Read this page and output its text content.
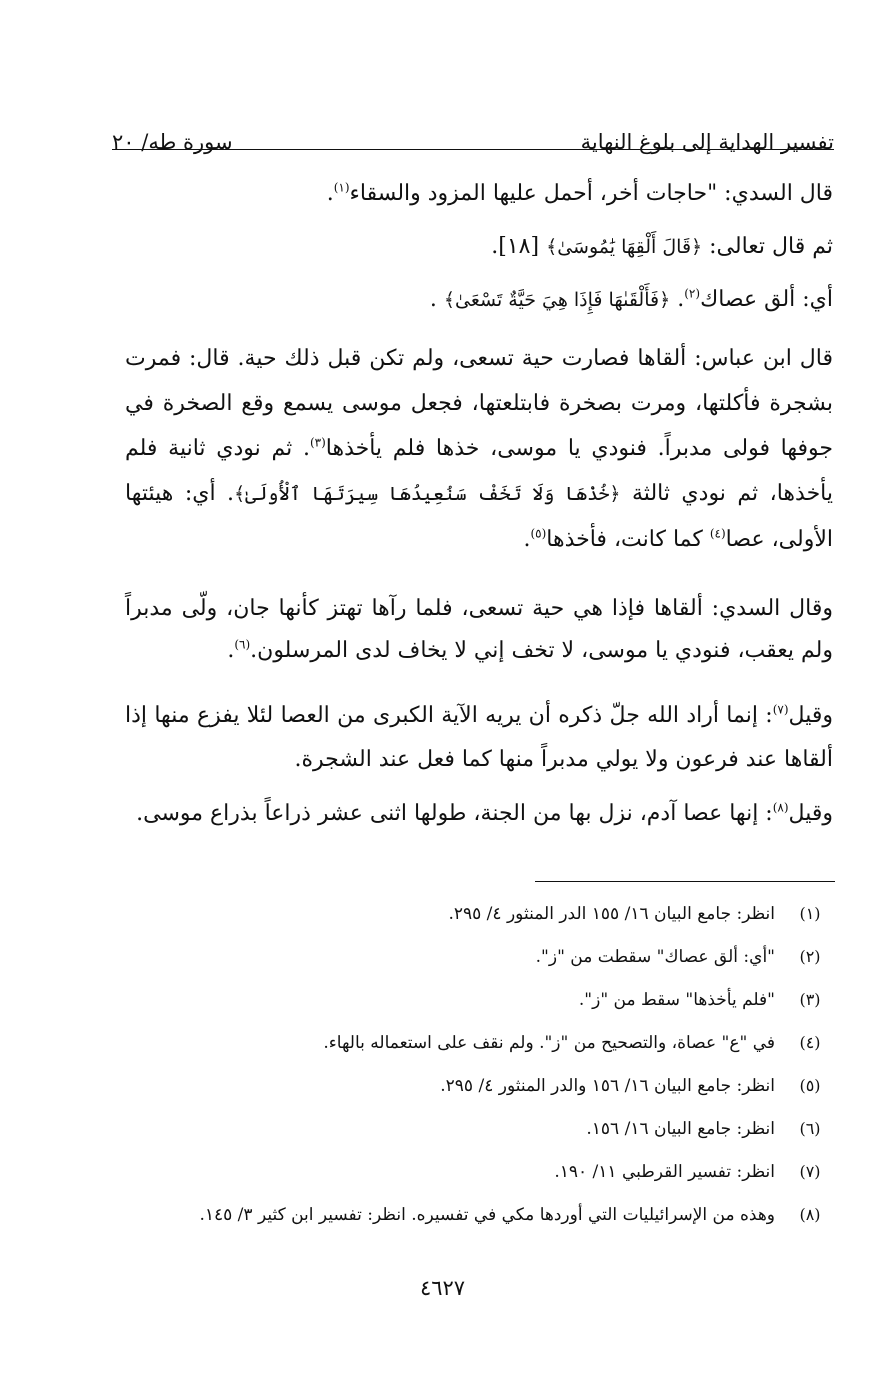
تفسير الهداية إلى بلوغ النهاية
سورة طه/ ٢٠

قال السدي: "حاجات أخر، أحمل عليها المزود والسقاء$^{(١)}$.

ثم قال تعالى: ﴿قَالَ أَلْقِهَا يَٰمُوسَىٰ﴾ [١٨].

أي: ألق عصاك$^{(٢)}$. ﴿فَأَلْقَىٰهَا فَإِذَا هِيَ حَيَّةٌ تَسْعَىٰ﴾ .

قال ابن عباس: ألقاها فصارت حية تسعى، ولم تكن قبل ذلك حية. قال: فمرت بشجرة فأكلتها، ومرت بصخرة فابتلعتها، فجعل موسى يسمع وقع الصخرة في جوفها فولى مدبراً. فنودي يا موسى، خذها فلم يأخذها$^{(٣)}$. ثم نودي ثانية فلم يأخذها، ثم نودي ثالثة ﴿خُذْهَا وَلَا تَخَفْ سَنُعِيدُهَا سِيرَتَهَا ٱلْأُولَىٰ﴾. أي: هيئتها الأولى، عصا$^{(٤)}$ كما كانت، فأخذها$^{(٥)}$.

وقال السدي: ألقاها فإذا هي حية تسعى، فلما رآها تهتز كأنها جان، ولّى مدبراً ولم يعقب، فنودي يا موسى، لا تخف إني لا يخاف لدى المرسلون.$^{(٦)}$.

وقيل$^{(٧)}$: إنما أراد الله جلّ ذكره أن يريه الآية الكبرى من العصا لئلا يفزع منها إذا ألقاها عند فرعون ولا يولي مدبراً منها كما فعل عند الشجرة.

وقيل$^{(٨)}$: إنها عصا آدم، نزل بها من الجنة، طولها اثنى عشر ذراعاً بذراع موسى.

(١)
انظر: جامع البيان ١٦/ ١٥٥ الدر المنثور ٤/ ٢٩٥.
(٢)
"أي: ألق عصاك" سقطت من "ز".
(٣)
"فلم يأخذها" سقط من "ز".
(٤)
في "ع" عصاة، والتصحيح من "ز". ولم نقف على استعماله بالهاء.
(٥)
انظر: جامع البيان ١٦/ ١٥٦ والدر المنثور ٤/ ٢٩٥.
(٦)
انظر: جامع البيان ١٦/ ١٥٦.
(٧)
انظر: تفسير القرطبي ١١/ ١٩٠.
(٨)
وهذه من الإسرائيليات التي أوردها مكي في تفسيره. انظر: تفسير ابن كثير ٣/ ١٤٥.
٤٦٢٧
